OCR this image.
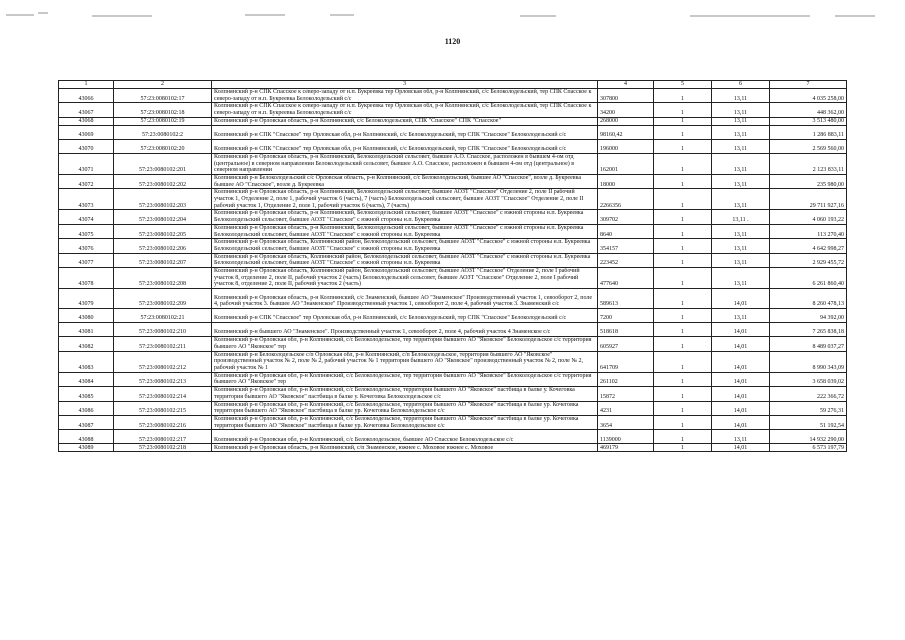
1120
1	2	3	4	5	6	7
43066	57:23:0080102:17	Колпнянский р-н СПК Спасское к северо-западу от н.п. Букреевка тер Орловская обл, р-н Колпнянский, с/с Белоколодезьский, тер СПК Спасское к северо-западу от н.п. Букреевка Белоколодезьский с/с	307800	1	13,11	4 035 258,00
43067	57:23:0080102:18	Колпнянский р-н СПК Спасское к северо-западу от н.п. Букреевка тер Орловская обл, р-н Колпнянский, с/с Белоколодезьский, тер СПК Спасское к северо-западу от н.п. Букреевка Белоколодезьский с/с	34200	1	13,11	448 362,00
43068	57:23:0080102:19	Колпнянский р-н Орловская область, р-н Колпнянский, с/с Белоколодезьский, СПК "Спасское" СПК "Спасское"	268000	1	13,11	3 513 480,00
43069	57:23:0080102:2	Колпнянский р-н СПК "Спасское" тер Орловская обл, р-н Колпнянский, с/с Белоколодезьский, тер СПК "Спасское" Белоколодезьский с/с	98160,42	1	13,11	1 286 883,11
43070	57:23:0080102:20	Колпнянский р-н СПК "Спасское" тер Орловская обл, р-н Колпнянский, с/с Белоколодезьский, тер СПК "Спасское" Белоколодезьский с/с	196000	1	13,11	2 569 560,00
43071	57:23:0080102:201	Колпнянский р-н Орловская область, р-н Колпнянский, Белоколодезьский сельсовет, бывшее А.О. Спасское, расположен в бывшем 4-ом отд (центральное) в северном направлении Белоколодезьский сельсовет, бывшее А.О. Спасское, расположен в бывшем 4-ом отд (центральное) в северном направлении	162001	1	13,11	2 123 833,11
43072	57:23:0080102:202	Колпнянский р-н Белоколодезьский с/с Орловская область, р-н Колпнянский, с/с Белоколодезьский, бывшее АО "Спасское", возле д. Букреевка бывшее АО "Спасское", возле д. Букреевка	18000	1	13,11	235 980,00
43073	57:23:0080102:203	Колпнянский р-н Орловская область, р-н Колпнянский, Белоколодезьский сельсовет, бывшее АОЗТ "Спасское" Отделение 2, поле II рабочий участок 1, Отделение 2, поле 1, рабочий участок 6 (часть), 7 (часть) Белоколодезьский сельсовет, бывшее АОЗТ "Спасское" Отделение 2, поле II рабочий участок 1, Отделение 2, поле 1, рабочий участок 6 (часть), 7 (часть)	2266356	1	13,11	29 711 927,16
43074	57:23:0080102:204	Колпнянский р-н Орловская область, р-н Колпнянский, Белоколодезьский сельсовет, бывшее АОЗТ "Спасское" с южной стороны н.п. Букреевка Белоколодезьский сельсовет, бывшее АОЗТ "Спасское" с южной стороны н.п. Букреевка	309702	1	13,11 .	4 060 193,22
43075	57:23:0080102:205	Колпнянский р-н Орловская область, р-н Колпнянский, Белоколодезьский сельсовет, бывшее АОЗТ "Спасское" с южной стороны н.п. Букреевка Белоколодезьский сельсовет, бывшее АОЗТ "Спасское" с южной стороны н.п. Букреевка	8640	1	13,11	113 270,40
43076	57:23:0080102:206	Колпнянский р-н Орловская область, Колпнянский район, Белоколодезьский сельсовет, бывшее АОЗТ "Спасское" с южной стороны н.п. Букреевка Белоколодезьский сельсовет, бывшее АОЗТ "Спасское" с южной стороны н.п. Букреевка	354157	1	13,11	4 642 998,27
43077	57:23:0080102:207	Колпнянский р-н Орловская область, Колпнянский район, Белоколодезьский сельсовет, бывшее АОЗТ "Спасское" с южной стороны н.п. Букреевка Белоколодезьский сельсовет, бывшее АОЗТ "Спасское" с южной стороны н.п. Букреевка	223452	1	13,11	2 929 455,72
43078	57:23:0080102:208	Колпнянский р-н Орловская область, Колпнянский район, Белоколодезьский сельсовет, бывшее АОЗТ "Спасское" Отделение 2, поле I рабочий участок 8, отделение 2, поле II, рабочий участок 2 (часть) Белоколодезьский сельсовет, бывшее АОЗТ "Спасское" Отделение 2, поле I рабочий участок 8, отделение 2, поле II, рабочий участок 2 (часть)	477640	1	13,11	6 261 860,40
43079	57:23:0080102:209	Колпнянский р-н Орловская область, р-н Колпнянский, с/с Знаменский, бывшее АО "Знаменское" Производственный участок 1, севооборот 2, поле 4, рабочий участок 3. бывшее АО "Знаменское" Производственный участок 1, севооборот 2, поле 4, рабочий участок 3. Знаменский с/с	589613	1	14,01	8 260 478,13
43080	57:23:0080102:21	Колпнянский р-н СПК "Спасское" тер Орловская обл, р-н Колпнянский, с/с Белоколодезьский, тер СПК "Спасское" Белоколодезьский с/с	7200	1	13,11	94 392,00
43081	57:23:0080102:210	Колпнянский р-н бывшего АО "Знаменское". Производственный участок 1, севооборот 2, поле 4, рабочий участок 4 Знаменское с/с	518618	1	14,01	7 265 838,18
43082	57:23:0080102:211	Колпнянский р-н Орловская обл, р-н Колпнянский, с/с Белоколодезьское, тер территория бывшего АО "Яковское" Белоколодезьское с/с территория бывшего АО "Яковское" тер	605927	1	14,01	8 489 037,27
43083	57:23:0080102:212	Колпнянский р-н Белоколодезьское с/п Орловская обл, р-н Колпнянский, с/п Белоколодезьское, территория бывшего АО "Яковское" производственный участок № 2, поле № 2, рабочий участок № 1 территория бывшего АО "Яковское" производственный участок № 2, поле № 2, рабочий участок № 1	641709	1	14,01	8 990 343,09
43084	57:23:0080102:213	Колпнянский р-н Орловская обл, р-н Колпнянский, с/с Белоколодезьское, тер территория бывшего АО "Яковское" Белоколодезьское с/с территория бывшего АО "Яковское" тер	261102	1	14,01	3 658 039,02
43085	57:23:0080102:214	Колпнянский р-н Орловская обл, р-н Колпнянский, с/с Белоколодезьское, территория бывшего АО "Яковское" пастбища в балке у. Кочеговка территория бывшего АО "Яковское" пастбища в балке у. Кочеговка Белоколодезьское с/с	15872	1	14,01	222 366,72
43086	57:23:0080102:215	Колпнянский р-н Орловская обл, р-н Колпнянский, с/с Белоколодезьское, территория бывшего АО "Яковское" пастбища в балке ур. Кочеговка территория бывшего АО "Яковское" пастбища в балке ур. Кочеговка Белоколодезьское с/с	4231	1	14,01	59 276,31
43087	57:23:0080102:216	Колпнянский р-н Орловская обл, р-н Колпнянский, с/с Белоколодезьское, территория бывшего АО "Яковское" пастбища в балке ур. Кочеговка территория бывшего АО "Яковское" пастбища в балке ур. Кочеговка Белоколодезьское с/с	3654	1	14,01	51 192,54
43088	57:23:0080102:217	Колпнянский р-н Орловская обл, р-н Колпнянский, с/с Белоколодезьское, бывшее АО Спасское Белоколодезьское с/с	1139000	1	13,11	14 932 290,00
43089	57:23:0080102:218	Колпнянский р-н Орловская область, р-н Колпнянский, с/п Знаменское, южнее с. Моховое южнее с. Моховое	469179	1	14,01	6 573 197,79
